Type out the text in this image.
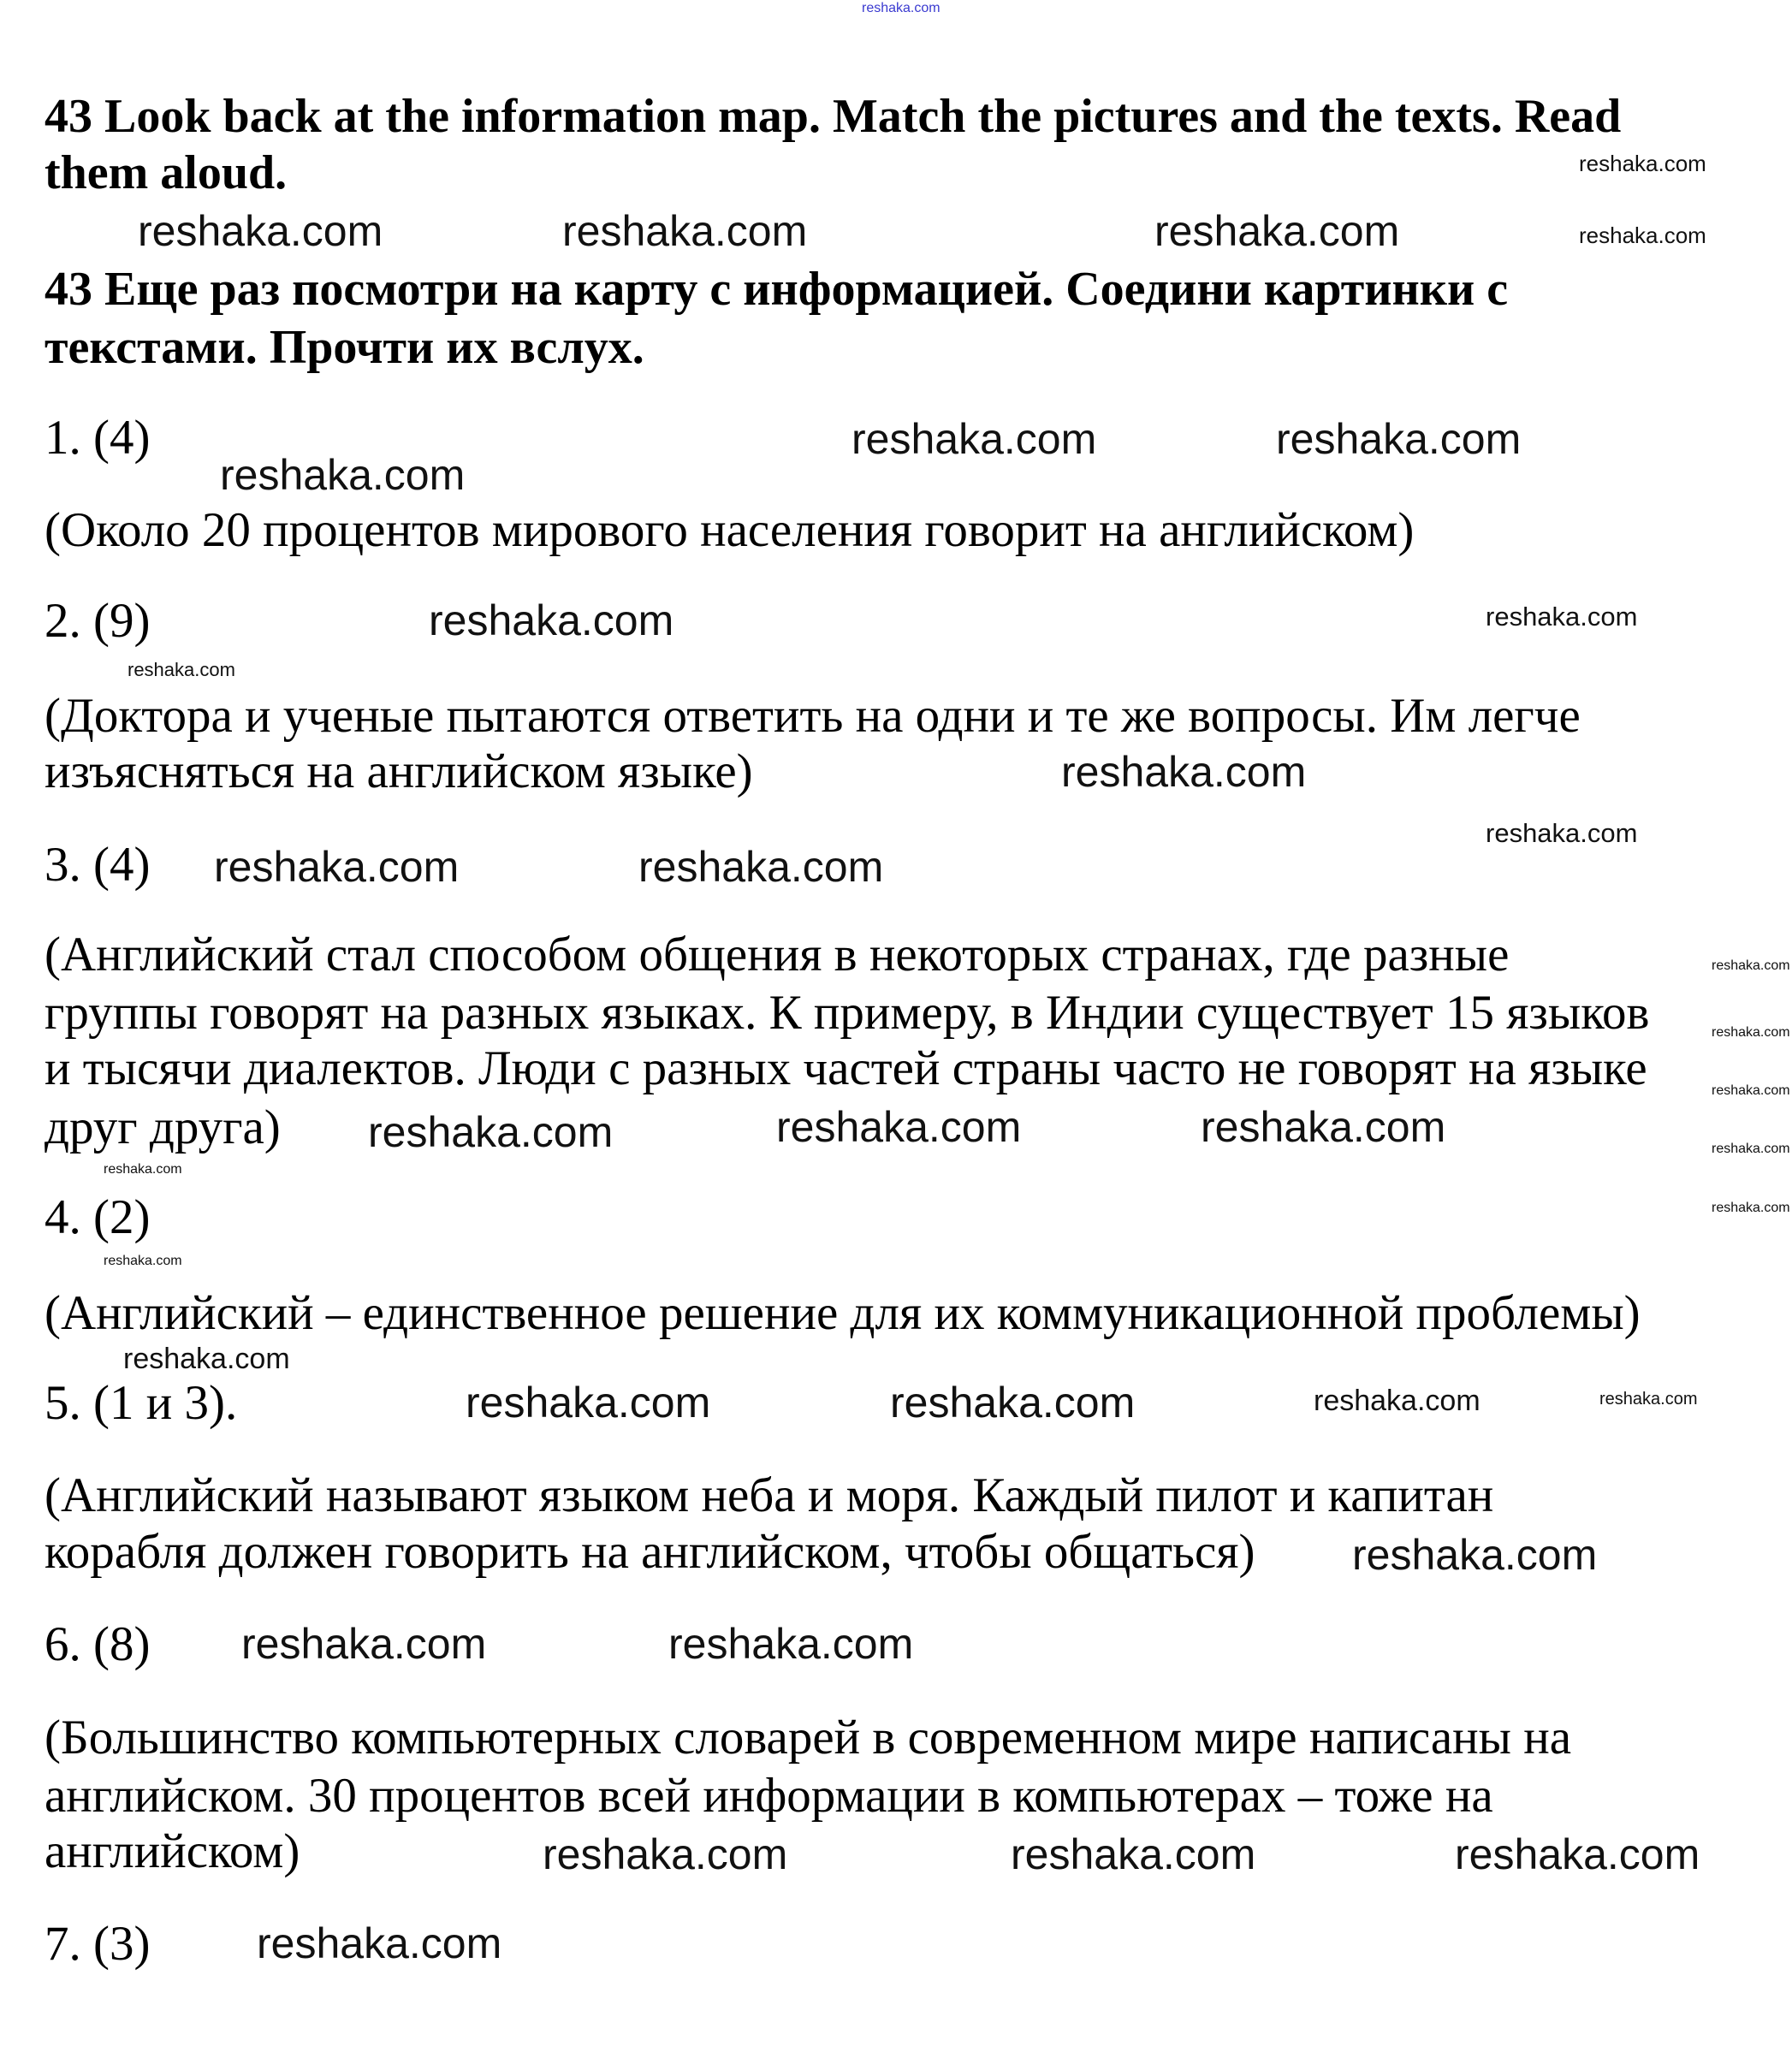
43 Look back at the information map. Match the pictures and the texts. Read
them aloud.
43 Еще раз посмотри на карту с информацией. Соедини картинки с
текстами. Прочти их вслух.
1. (4)
(Около 20 процентов мирового населения говорит на английском)
2. (9)
(Доктора и ученые пытаются ответить на одни и те же вопросы. Им легче
изъясняться на английском языке)
3. (4)
(Английский стал способом общения в некоторых странах, где разные
группы говорят на разных языках. К примеру, в Индии существует 15 языков
и тысячи диалектов. Люди с разных частей страны часто не говорят на языке
друг друга)
4. (2)
(Английский – единственное решение для их коммуникационной проблемы)
5. (1 и 3).
(Английский называют языком неба и моря. Каждый пилот и капитан
корабля должен говорить на английском, чтобы общаться)
6. (8)
(Большинство компьютерных словарей в современном мире написаны на
английском. 30 процентов всей информации в компьютерах – тоже на
английском)
7. (3)
reshaka.com
reshaka.com	reshaka.com	reshaka.com
reshaka.com
reshaka.com
reshaka.com
reshaka.com	reshaka.com
reshaka.com
reshaka.com	reshaka.com
reshaka.com
reshaka.com
reshaka.com	reshaka.com
reshaka.com
reshaka.com
reshaka.com
reshaka.com
reshaka.com
reshaka.com
reshaka.com
reshaka.com	reshaka.com
reshaka.com
reshaka.com
reshaka.com	reshaka.com	reshaka.com	reshaka.com
reshaka.com
reshaka.com	reshaka.com
reshaka.com	reshaka.com	reshaka.com
reshaka.com
